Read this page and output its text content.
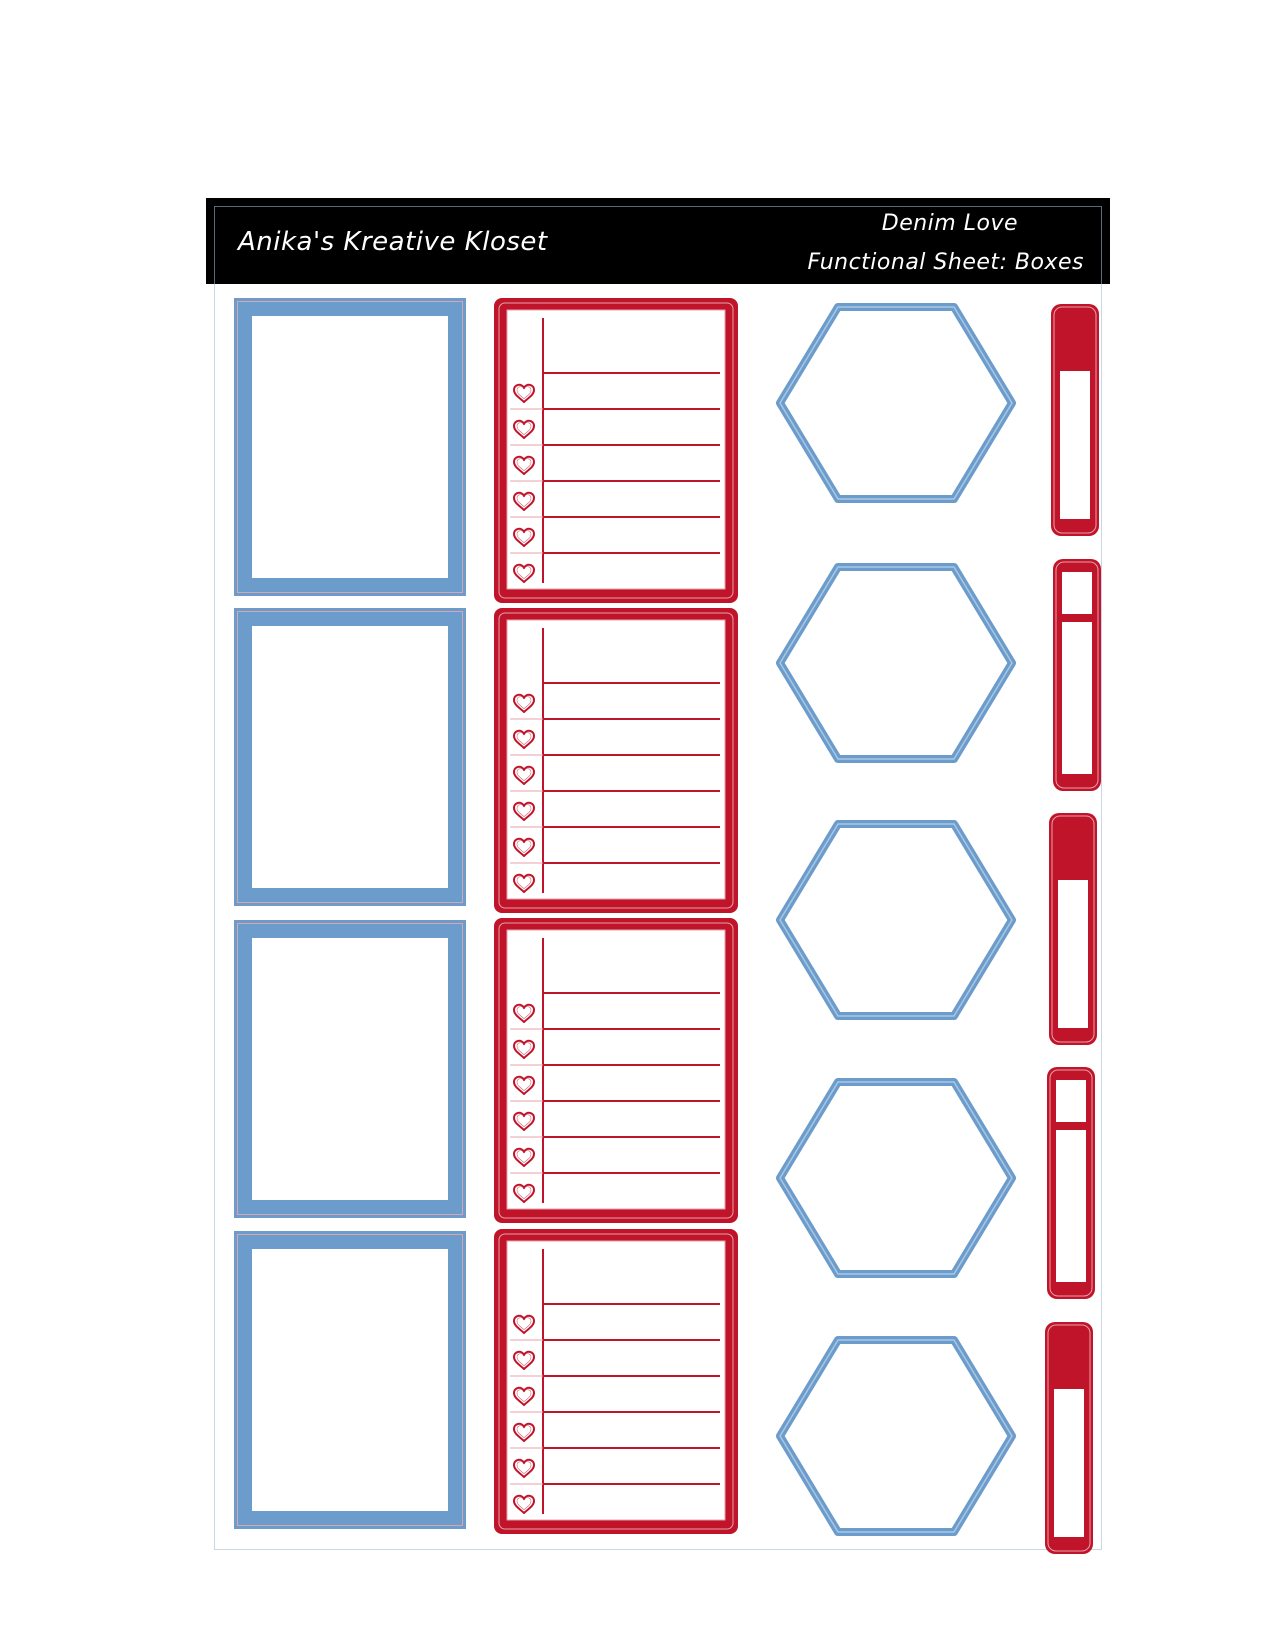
Anika's Kreative Kloset
Denim Love
Functional Sheet: Boxes
